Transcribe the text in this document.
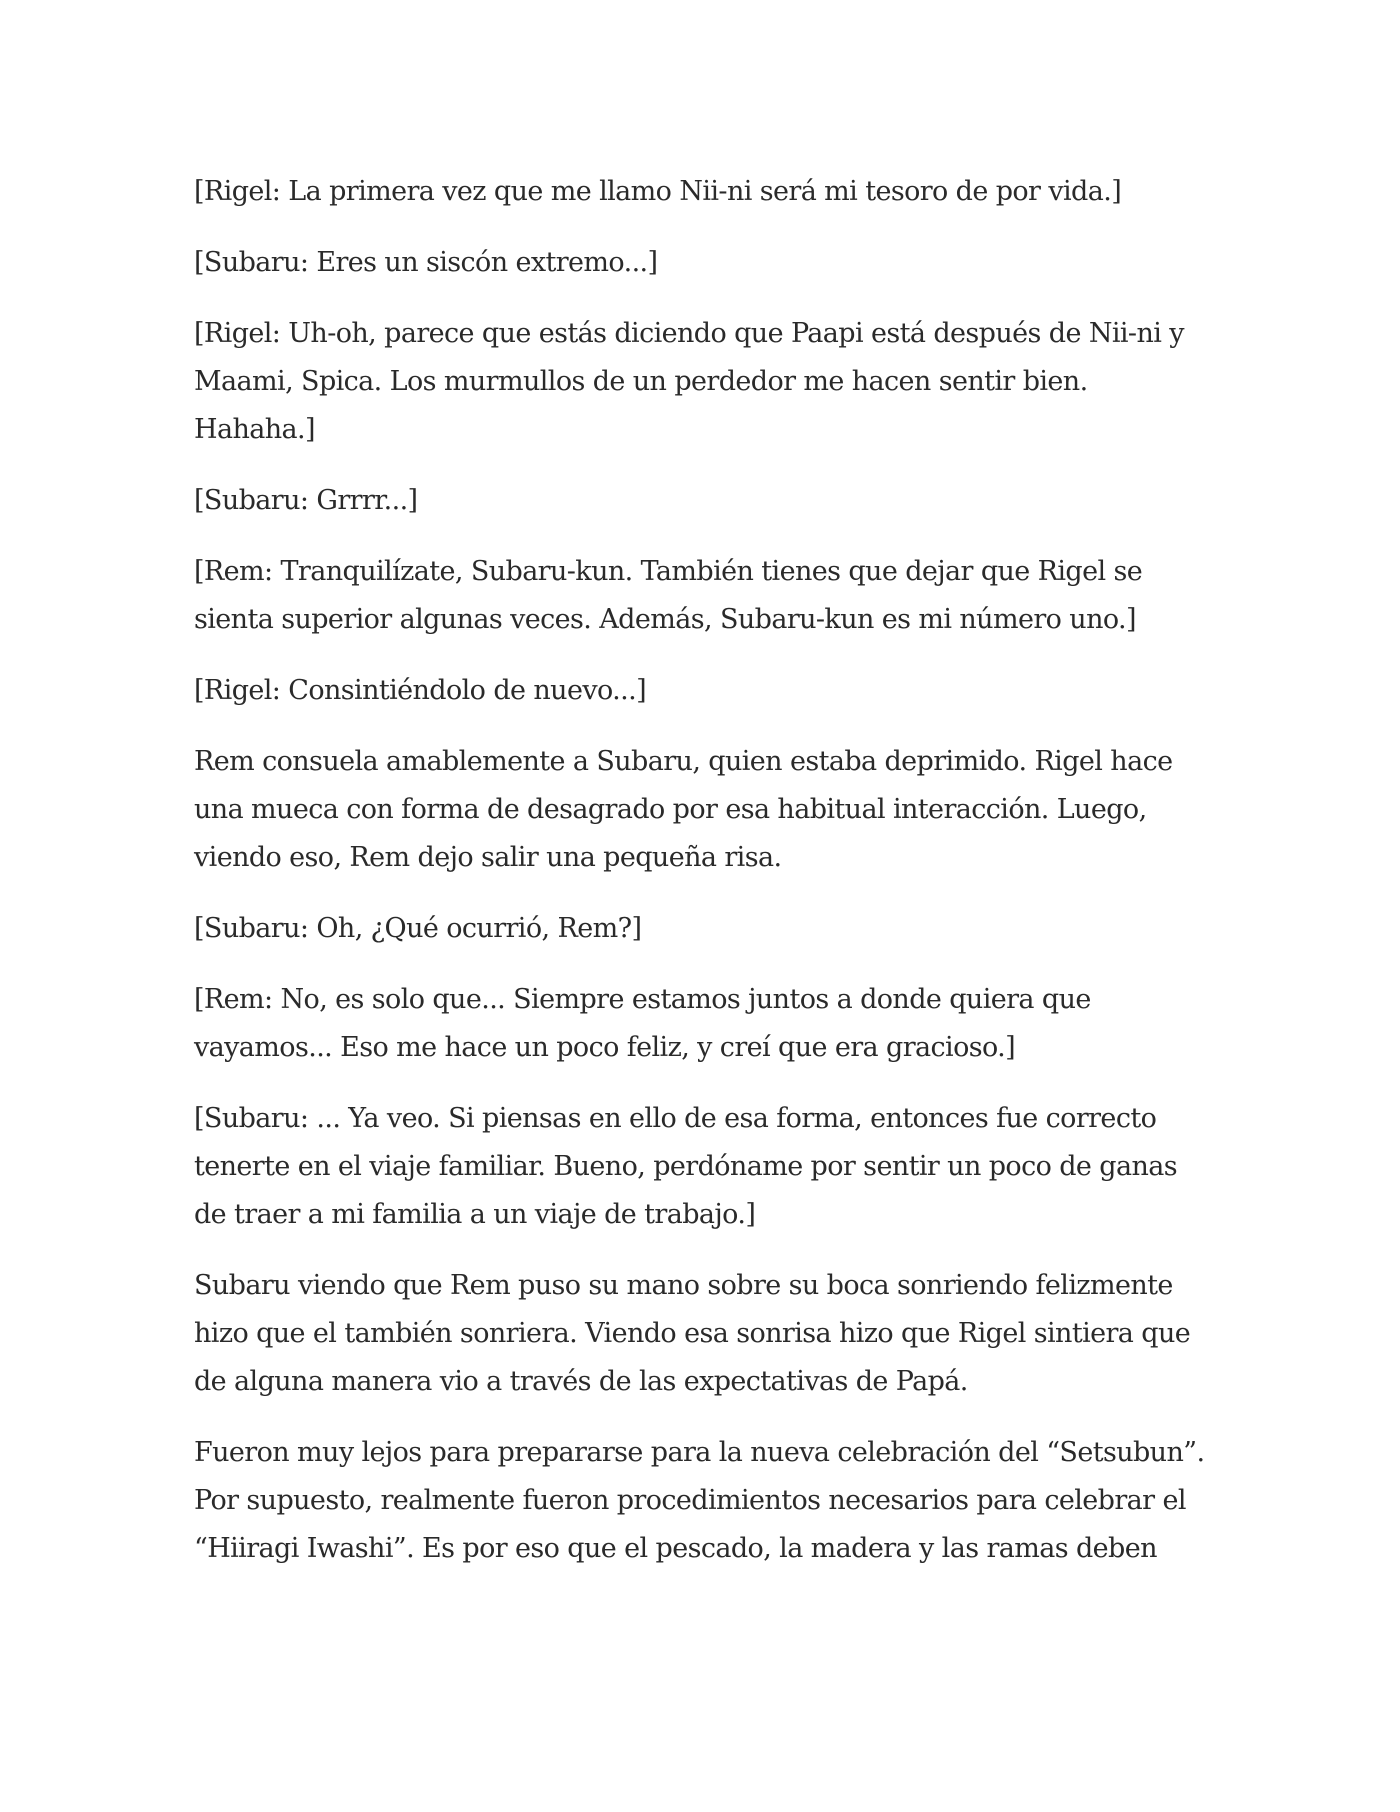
[Rigel: La primera vez que me llamo Nii-ni será mi tesoro de por vida.]

[Subaru: Eres un siscón extremo...]

[Rigel: Uh-oh, parece que estás diciendo que Paapi está después de Nii-ni y Maami, Spica. Los murmullos de un perdedor me hacen sentir bien. Hahaha.]

[Subaru: Grrrr...]

[Rem: Tranquilízate, Subaru-kun. También tienes que dejar que Rigel se sienta superior algunas veces. Además, Subaru-kun es mi número uno.]

[Rigel: Consintiéndolo de nuevo...]

Rem consuela amablemente a Subaru, quien estaba deprimido. Rigel hace una mueca con forma de desagrado por esa habitual interacción. Luego, viendo eso, Rem dejo salir una pequeña risa.

[Subaru: Oh, ¿Qué ocurrió, Rem?]

[Rem: No, es solo que... Siempre estamos juntos a donde quiera que vayamos... Eso me hace un poco feliz, y creí que era gracioso.]

[Subaru: ... Ya veo. Si piensas en ello de esa forma, entonces fue correcto tenerte en el viaje familiar. Bueno, perdóname por sentir un poco de ganas de traer a mi familia a un viaje de trabajo.]

Subaru viendo que Rem puso su mano sobre su boca sonriendo felizmente hizo que el también sonriera. Viendo esa sonrisa hizo que Rigel sintiera que de alguna manera vio a través de las expectativas de Papá.

Fueron muy lejos para prepararse para la nueva celebración del “Setsubun”. Por supuesto, realmente fueron procedimientos necesarios para celebrar el “Hiiragi Iwashi”. Es por eso que el pescado, la madera y las ramas deben
